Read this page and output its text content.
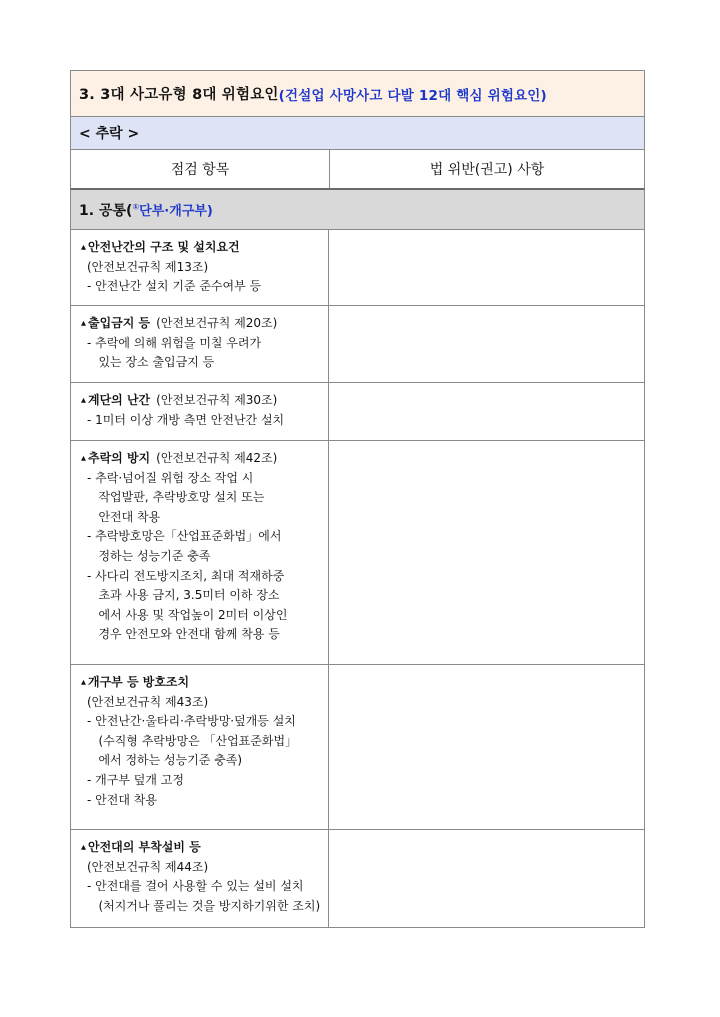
3. 3대 사고유형 8대 위험요인 (건설업 사망사고 다발 12대 핵심 위험요인)
< 추락 >
점검 항목	법 위반(권고) 사항
1. 공통( ①단부·개구부)
▲ 안전난간의 구조 및 설치요건
(안전보건규칙 제13조)
- 안전난간 설치 기준 준수여부 등
▲ 출입금지 등 (안전보건규칙 제20조)
- 추락에 의해 위험을 미칠 우려가
있는 장소 출입금지 등
▲ 계단의 난간 (안전보건규칙 제30조)
- 1미터 이상 개방 측면 안전난간 설치
▲ 추락의 방지 (안전보건규칙 제42조)
- 추락·넘어질 위험 장소 작업 시
작업발판, 추락방호망 설치 또는
안전대 착용
- 추락방호망은「산업표준화법」에서
정하는 성능기준 충족
- 사다리 전도방지조치, 최대 적재하중
초과 사용 금지, 3.5미터 이하 장소
에서 사용 및 작업높이 2미터 이상인
경우 안전모와 안전대 함께 착용 등
▲ 개구부 등 방호조치
(안전보건규칙 제43조)
- 안전난간·울타리·추락방망·덮개등 설치
(수직형 추락방망은 「산업표준화법」
에서 정하는 성능기준 충족)
- 개구부 덮개 고정
- 안전대 착용
▲ 안전대의 부착설비 등
(안전보건규칙 제44조)
- 안전대를 걸어 사용할 수 있는 설비 설치
(처지거나 풀리는 것을 방지하기위한 조치)
